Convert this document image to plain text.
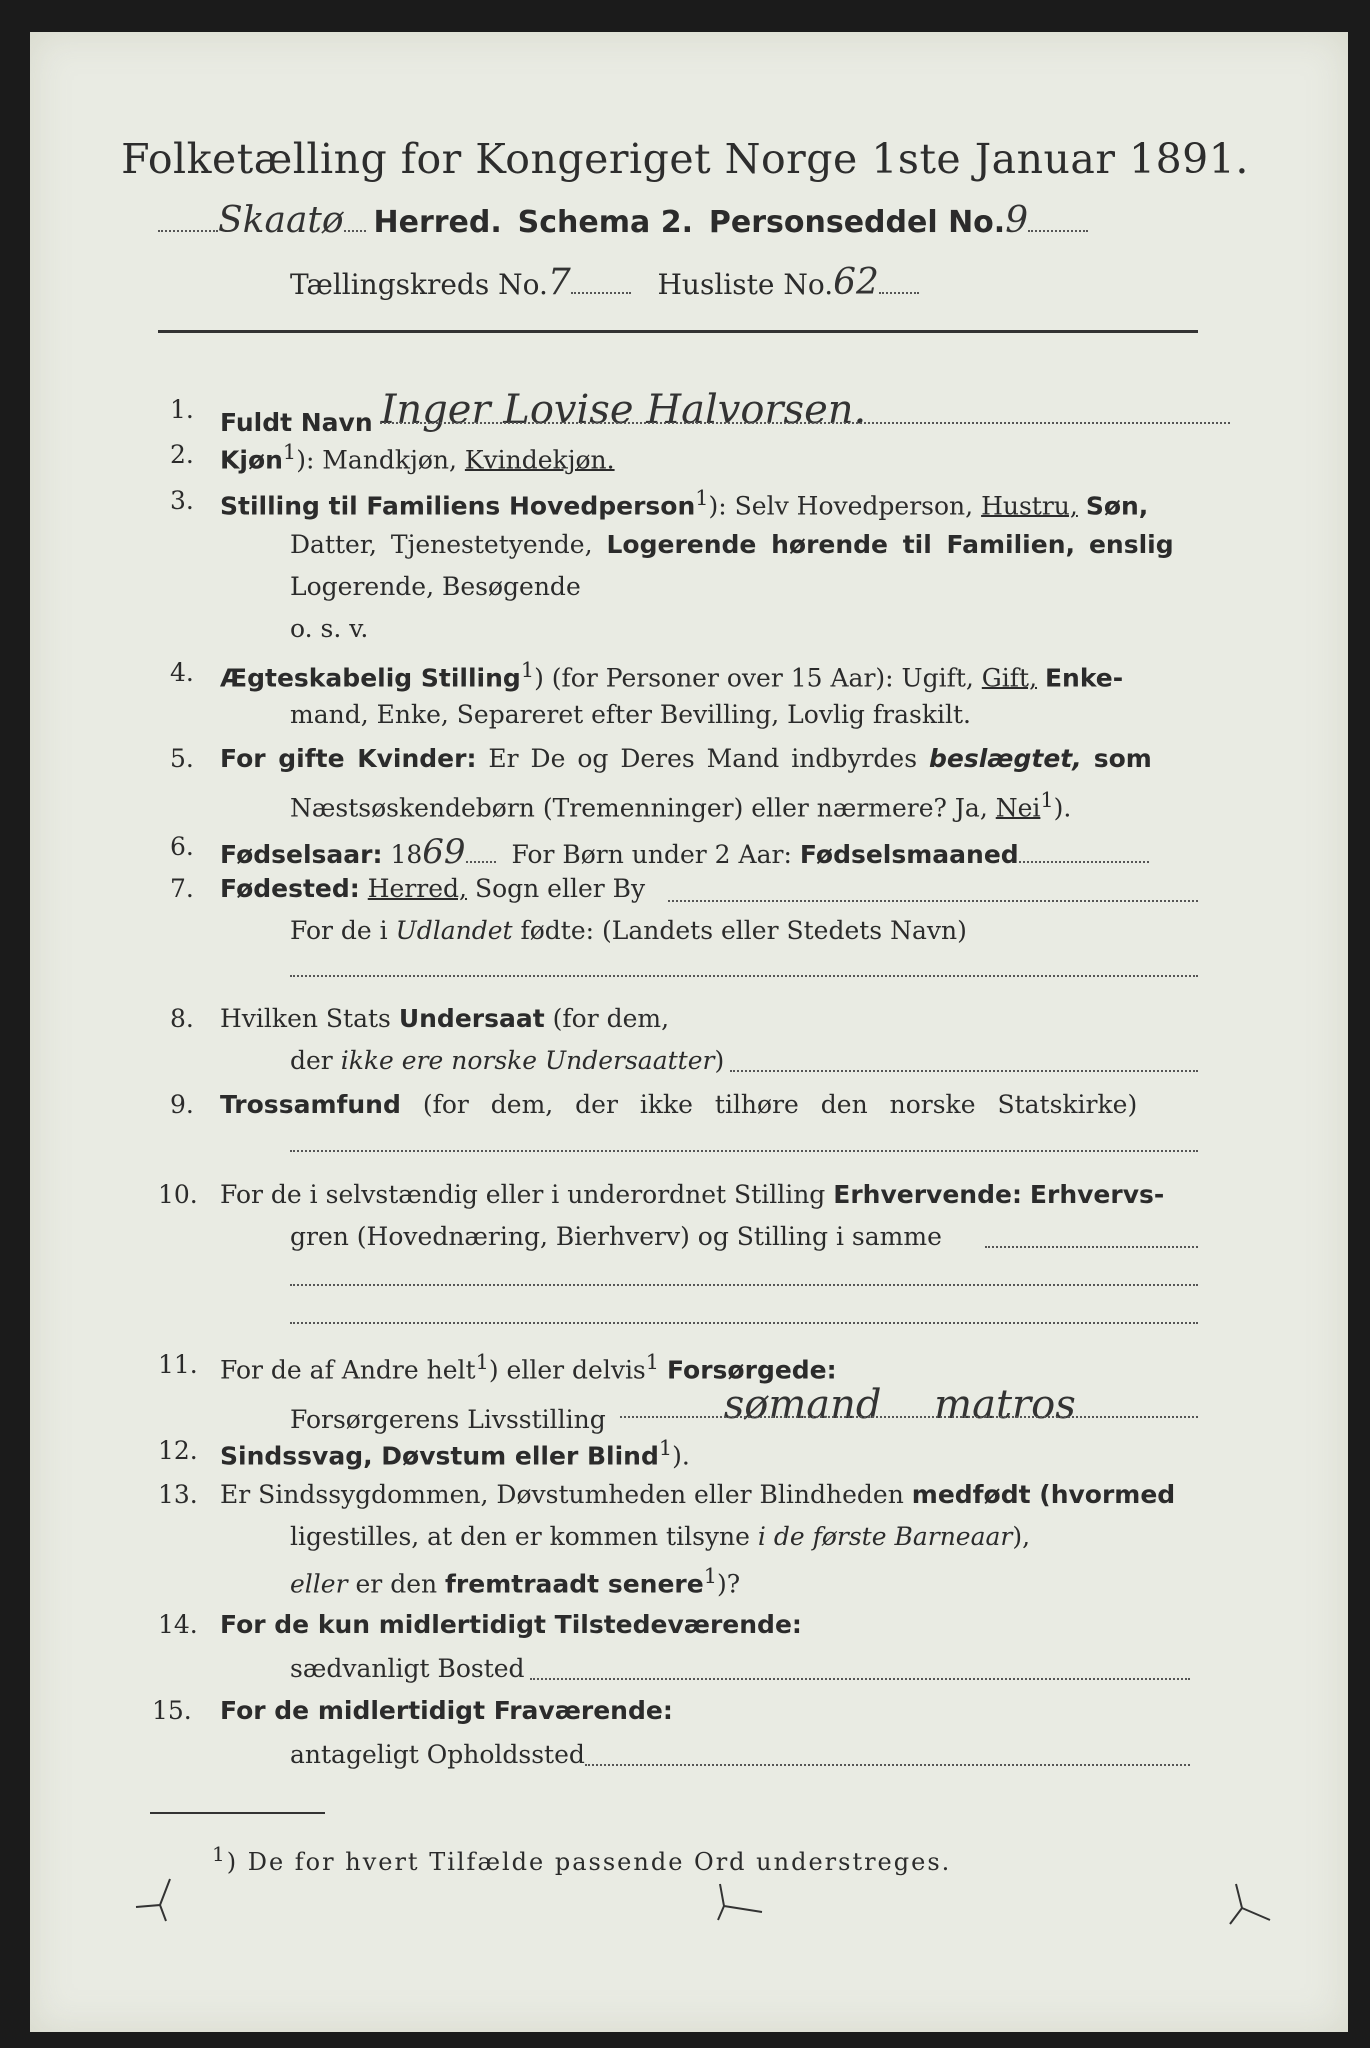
Folketælling for Kongeriget Norge 1ste Januar 1891.
Skaatø Herred. Schema 2. Personseddel No.9
Tællingskreds No.7	Husliste No.62
1. Fuldt Navn Inger Lovise Halvorsen.
2. Kjøn$^1$): Mandkjøn, Kvindekjøn.
3. Stilling til Familiens Hovedperson$^1$): Selv Hovedperson, Hustru, Søn,
Datter, Tjenestetyende, Logerende hørende til Familien, enslig
Logerende, Besøgende
o. s. v.
4. Ægteskabelig Stilling$^1$) (for Personer over 15 Aar): Ugift, Gift, Enke-
mand, Enke, Separeret efter Bevilling, Lovlig fraskilt.
5. For gifte Kvinder: Er De og Deres Mand indbyrdes beslægtet, som
Næstsøskendebørn (Tremenninger) eller nærmere? Ja, Nei$^1$).
6. Fødselsaar: 1869 For Børn under 2 Aar: Fødselsmaaned
7. Fødested: Herred, Sogn eller By
For de i Udlandet fødte: (Landets eller Stedets Navn)
8. Hvilken Stats Undersaat (for dem,
der ikke ere norske Undersaatter)
9. Trossamfund (for dem, der ikke tilhøre den norske Statskirke)
10. For de i selvstændig eller i underordnet Stilling Erhvervende: Erhvervs-
gren (Hovednæring, Bierhverv) og Stilling i samme
11. For de af Andre helt$^1$) eller delvis$^1$ Forsørgede:
Forsørgerens Livsstilling	sømand matros
12. Sindssvag, Døvstum eller Blind$^1$).
13. Er Sindssygdommen, Døvstumheden eller Blindheden medfødt (hvormed
ligestilles, at den er kommen tilsyne i de første Barneaar),
eller er den fremtraadt senere$^1$)?
14. For de kun midlertidigt Tilstedeværende:
sædvanligt Bosted
15. For de midlertidigt Fraværende:
antageligt Opholdssted
$^1$) De for hvert Tilfælde passende Ord understreges.
